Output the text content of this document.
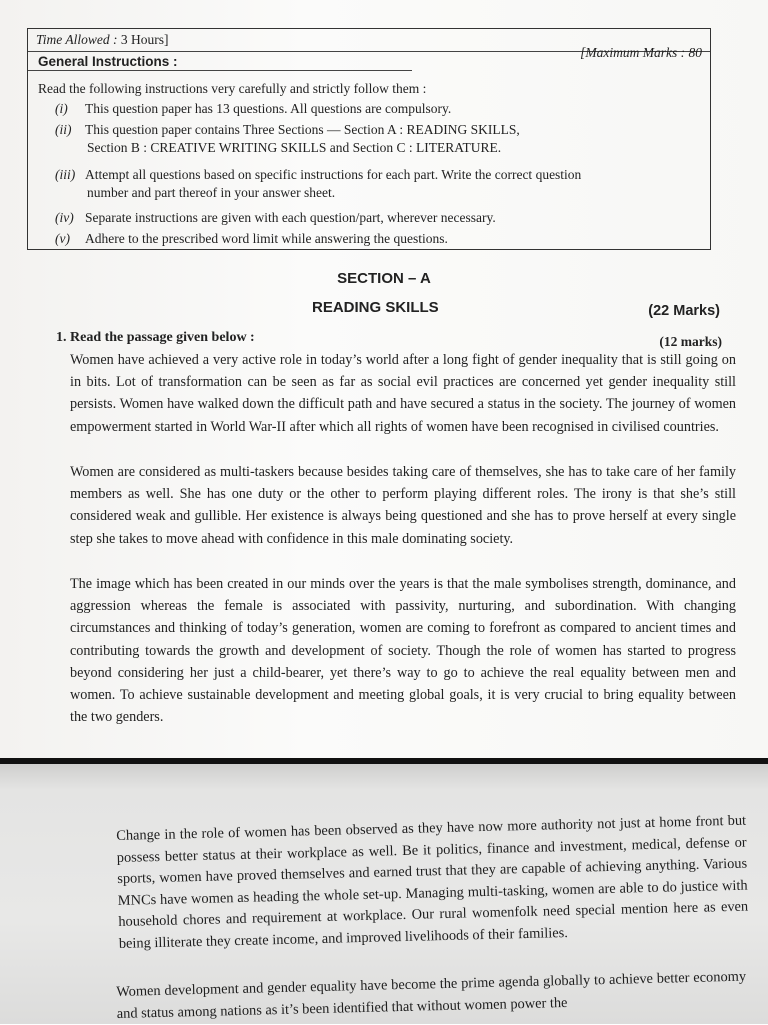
Time Allowed : 3 Hours]
[Maximum Marks : 80
General Instructions :
Read the following instructions very carefully and strictly follow them :
(i) This question paper has 13 questions. All questions are compulsory.
(ii) This question paper contains Three Sections — Section A : READING SKILLS,
Section B : CREATIVE WRITING SKILLS and Section C : LITERATURE.
(iii) Attempt all questions based on specific instructions for each part. Write the correct question
number and part thereof in your answer sheet.
(iv) Separate instructions are given with each question/part, wherever necessary.
(v) Adhere to the prescribed word limit while answering the questions.
SECTION – A
READING SKILLS	(22 Marks)
1. Read the passage given below :	(12 marks)
Women have achieved a very active role in today’s world after a long fight of gender inequality that is still going on in bits. Lot of transformation can be seen as far as social evil practices are concerned yet gender inequality still persists. Women have walked down the difficult path and have secured a status in the society. The journey of women empowerment started in World War-II after which all rights of women have been recognised in civilised countries.
Women are considered as multi-taskers because besides taking care of themselves, she has to take care of her family members as well. She has one duty or the other to perform playing different roles. The irony is that she’s still considered weak and gullible. Her existence is always being questioned and she has to prove herself at every single step she takes to move ahead with confidence in this male dominating society.
The image which has been created in our minds over the years is that the male symbolises strength, dominance, and aggression whereas the female is associated with passivity, nurturing, and subordination. With changing circumstances and thinking of today’s generation, women are coming to forefront as compared to ancient times and contributing towards the growth and development of society. Though the role of women has started to progress beyond considering her just a child-bearer, yet there’s way to go to achieve the real equality between men and women. To achieve sustainable development and meeting global goals, it is very crucial to bring equality between the two genders.
Change in the role of women has been observed as they have now more authority not just at home front but possess better status at their workplace as well. Be it politics, finance and investment, medical, defense or sports, women have proved themselves and earned trust that they are capable of achieving anything. Various MNCs have women as heading the whole set-up. Managing multi-tasking, women are able to do justice with household chores and requirement at workplace. Our rural womenfolk need special mention here as even being illiterate they create income, and improved livelihoods of their families.
Women development and gender equality have become the prime agenda globally to achieve better economy and status among nations as it’s been identified that without women power the
